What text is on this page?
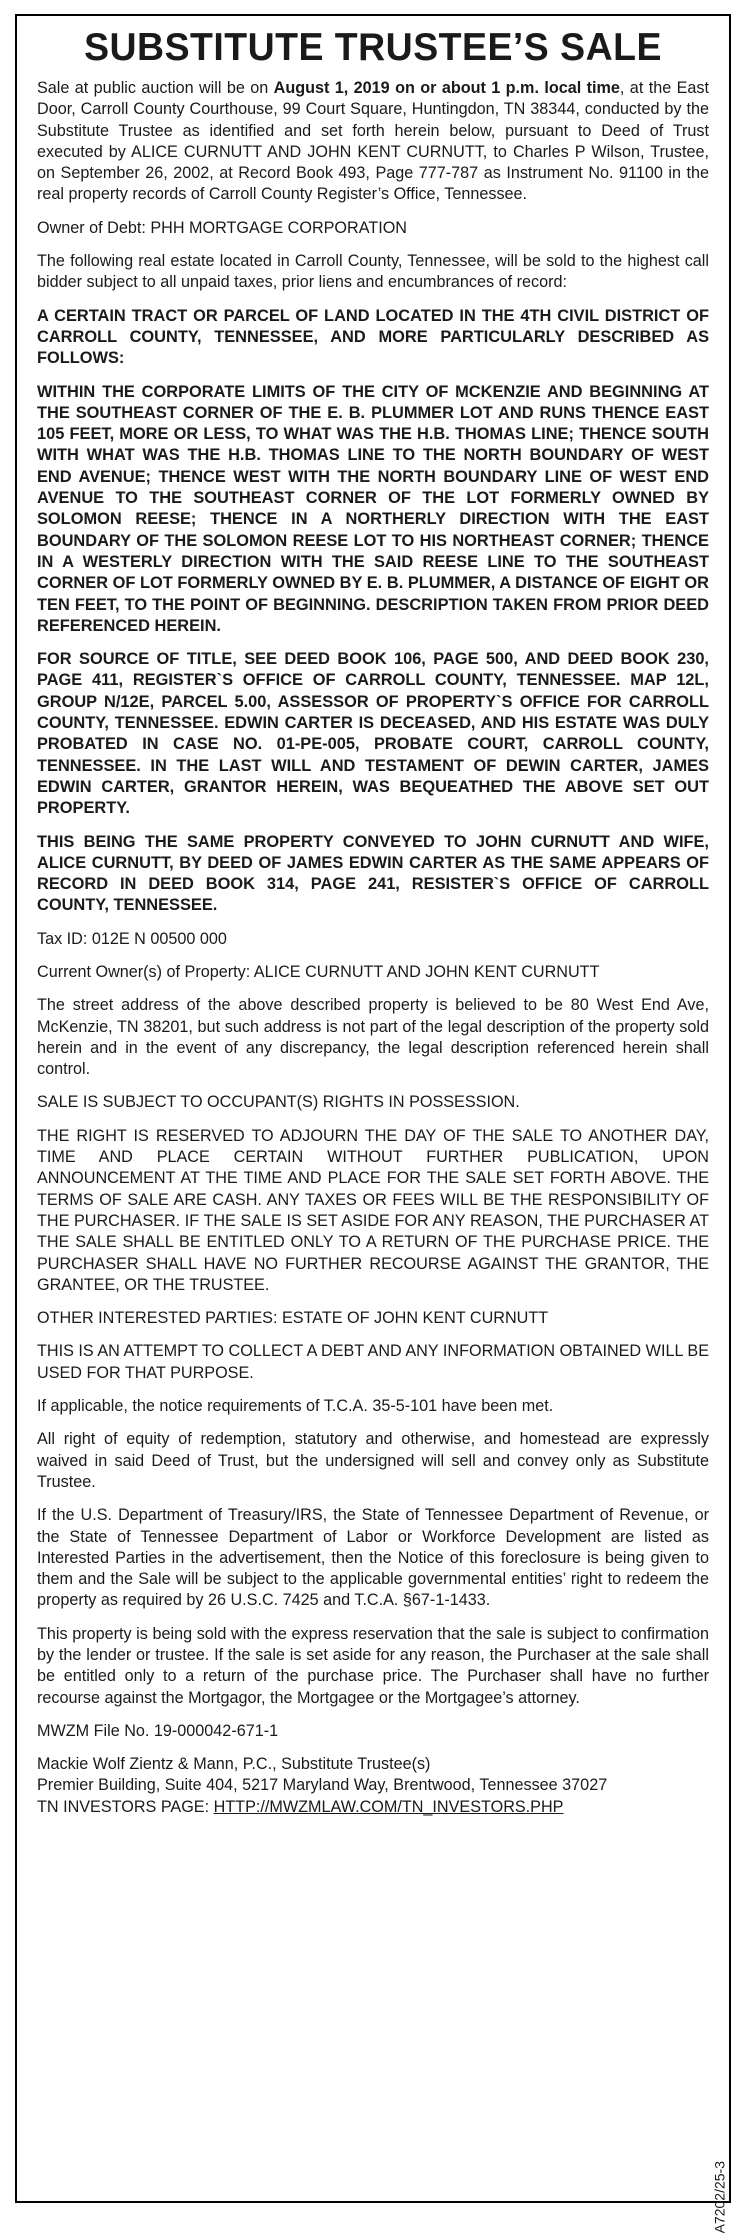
SUBSTITUTE TRUSTEE’S SALE

Sale at public auction will be on August 1, 2019 on or about 1 p.m. local time, at the East Door, Carroll County Courthouse, 99 Court Square, Huntingdon, TN 38344, conducted by the Substitute Trustee as identified and set forth herein below, pursuant to Deed of Trust executed by ALICE CURNUTT AND JOHN KENT CURNUTT, to Charles P Wilson, Trustee, on September 26, 2002, at Record Book 493, Page 777-787 as Instrument No. 91100 in the real property records of Carroll County Register’s Office, Tennessee.

Owner of Debt: PHH MORTGAGE CORPORATION

The following real estate located in Carroll County, Tennessee, will be sold to the highest call bidder subject to all unpaid taxes, prior liens and encumbrances of record:

A CERTAIN TRACT OR PARCEL OF LAND LOCATED IN THE 4TH CIVIL DISTRICT OF CARROLL COUNTY, TENNESSEE, AND MORE PARTICULARLY DESCRIBED AS FOLLOWS:

WITHIN THE CORPORATE LIMITS OF THE CITY OF MCKENZIE AND BEGINNING AT THE SOUTHEAST CORNER OF THE E. B. PLUMMER LOT AND RUNS THENCE EAST 105 FEET, MORE OR LESS, TO WHAT WAS THE H.B. THOMAS LINE; THENCE SOUTH WITH WHAT WAS THE H.B. THOMAS LINE TO THE NORTH BOUNDARY OF WEST END AVENUE; THENCE WEST WITH THE NORTH BOUNDARY LINE OF WEST END AVENUE TO THE SOUTHEAST CORNER OF THE LOT FORMERLY OWNED BY SOLOMON REESE; THENCE IN A NORTHERLY DIRECTION WITH THE EAST BOUNDARY OF THE SOLOMON REESE LOT TO HIS NORTHEAST CORNER; THENCE IN A WESTERLY DIRECTION WITH THE SAID REESE LINE TO THE SOUTHEAST CORNER OF LOT FORMERLY OWNED BY E. B. PLUMMER, A DISTANCE OF EIGHT OR TEN FEET, TO THE POINT OF BEGINNING. DESCRIPTION TAKEN FROM PRIOR DEED REFERENCED HEREIN.

FOR SOURCE OF TITLE, SEE DEED BOOK 106, PAGE 500, AND DEED BOOK 230, PAGE 411, REGISTER`S OFFICE OF CARROLL COUNTY, TENNESSEE. MAP 12L, GROUP N/12E, PARCEL 5.00, ASSESSOR OF PROPERTY`S OFFICE FOR CARROLL COUNTY, TENNESSEE. EDWIN CARTER IS DECEASED, AND HIS ESTATE WAS DULY PROBATED IN CASE NO. 01-PE-005, PROBATE COURT, CARROLL COUNTY, TENNESSEE. IN THE LAST WILL AND TESTAMENT OF DEWIN CARTER, JAMES EDWIN CARTER, GRANTOR HEREIN, WAS BEQUEATHED THE ABOVE SET OUT PROPERTY.

THIS BEING THE SAME PROPERTY CONVEYED TO JOHN CURNUTT AND WIFE, ALICE CURNUTT, BY DEED OF JAMES EDWIN CARTER AS THE SAME APPEARS OF RECORD IN DEED BOOK 314, PAGE 241, RESISTER`S OFFICE OF CARROLL COUNTY, TENNESSEE.

Tax ID: 012E N 00500 000

Current Owner(s) of Property: ALICE CURNUTT AND JOHN KENT CURNUTT

The street address of the above described property is believed to be 80 West End Ave, McKenzie, TN 38201, but such address is not part of the legal description of the property sold herein and in the event of any discrepancy, the legal description referenced herein shall control.

SALE IS SUBJECT TO OCCUPANT(S) RIGHTS IN POSSESSION.

THE RIGHT IS RESERVED TO ADJOURN THE DAY OF THE SALE TO ANOTHER DAY, TIME AND PLACE CERTAIN WITHOUT FURTHER PUBLICATION, UPON ANNOUNCEMENT AT THE TIME AND PLACE FOR THE SALE SET FORTH ABOVE. THE TERMS OF SALE ARE CASH. ANY TAXES OR FEES WILL BE THE RESPONSIBILITY OF THE PURCHASER. IF THE SALE IS SET ASIDE FOR ANY REASON, THE PURCHASER AT THE SALE SHALL BE ENTITLED ONLY TO A RETURN OF THE PURCHASE PRICE. THE PURCHASER SHALL HAVE NO FURTHER RECOURSE AGAINST THE GRANTOR, THE GRANTEE, OR THE TRUSTEE.

OTHER INTERESTED PARTIES: ESTATE OF JOHN KENT CURNUTT

THIS IS AN ATTEMPT TO COLLECT A DEBT AND ANY INFORMATION OBTAINED WILL BE USED FOR THAT PURPOSE.

If applicable, the notice requirements of T.C.A. 35-5-101 have been met.

All right of equity of redemption, statutory and otherwise, and homestead are expressly waived in said Deed of Trust, but the undersigned will sell and convey only as Substitute Trustee.

If the U.S. Department of Treasury/IRS, the State of Tennessee Department of Revenue, or the State of Tennessee Department of Labor or Workforce Development are listed as Interested Parties in the advertisement, then the Notice of this foreclosure is being given to them and the Sale will be subject to the applicable governmental entities’ right to redeem the property as required by 26 U.S.C. 7425 and T.C.A. §67-1-1433.

This property is being sold with the express reservation that the sale is subject to confirmation by the lender or trustee. If the sale is set aside for any reason, the Purchaser at the sale shall be entitled only to a return of the purchase price. The Purchaser shall have no further recourse against the Mortgagor, the Mortgagee or the Mortgagee’s attorney.

MWZM File No. 19-000042-671-1

Mackie Wolf Zientz & Mann, P.C., Substitute Trustee(s)

Premier Building, Suite 404, 5217 Maryland Way, Brentwood, Tennessee 37027

TN INVESTORS PAGE: HTTP://MWZMLAW.COM/TN_INVESTORS.PHP

A7202/25-3
